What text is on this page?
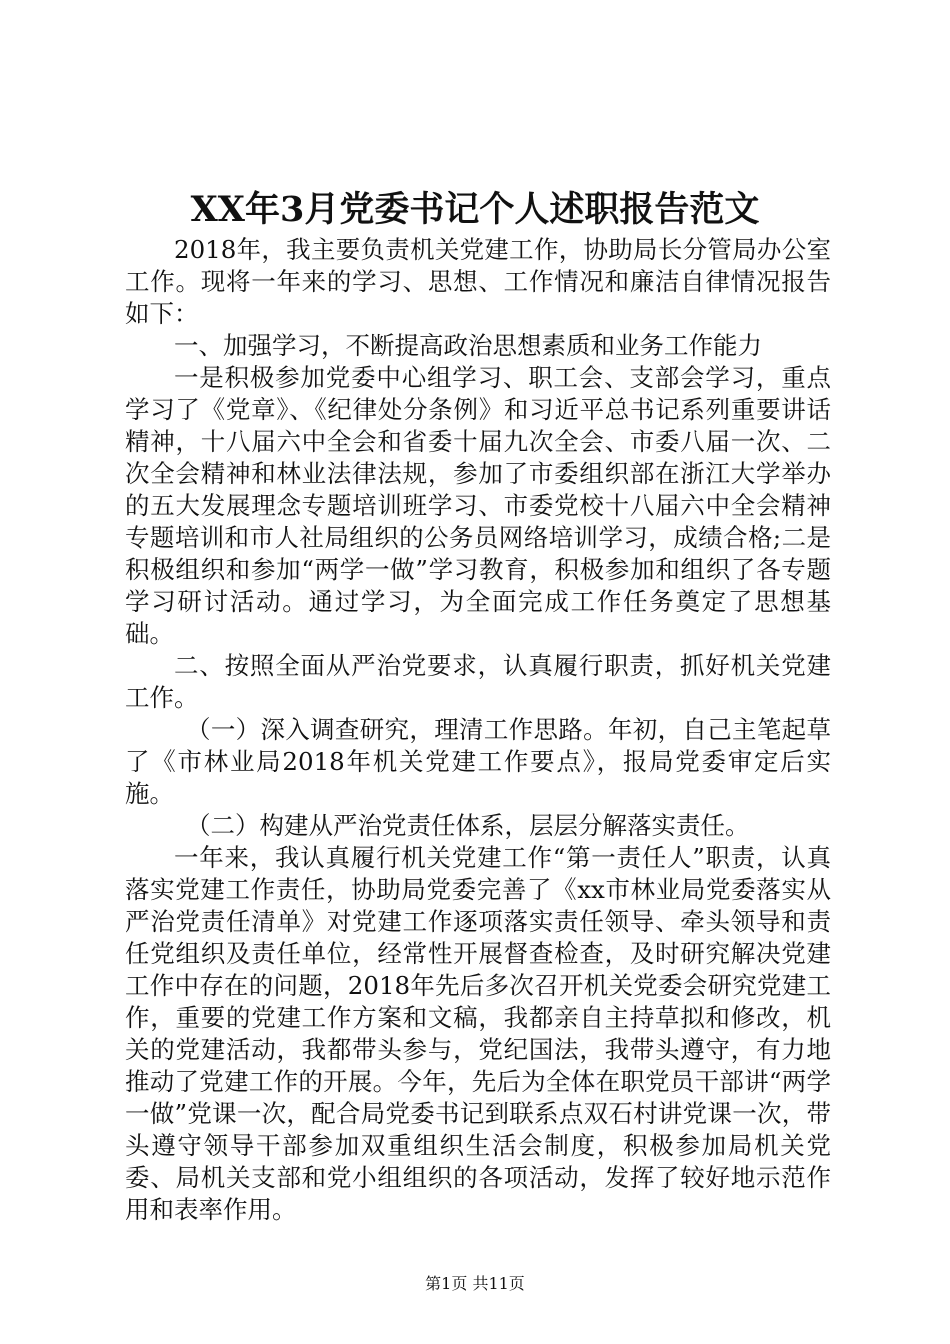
XX年3月党委书记个人述职报告范文

2018年，我主要负责机关党建工作，协助局长分管局办公室工作。现将一年来的学习、思想、工作情况和廉洁自律情况报告如下：

一、加强学习，不断提高政治思想素质和业务工作能力

一是积极参加党委中心组学习、职工会、支部会学习，重点学习了《党章》、《纪律处分条例》和习近平总书记系列重要讲话精神，十八届六中全会和省委十届九次全会、市委八届一次、二次全会精神和林业法律法规，参加了市委组织部在浙江大学举办的五大发展理念专题培训班学习、市委党校十八届六中全会精神专题培训和市人社局组织的公务员网络培训学习，成绩合格;二是积极组织和参加“两学一做”学习教育，积极参加和组织了各专题学习研讨活动。通过学习，为全面完成工作任务奠定了思想基础。

二、按照全面从严治党要求，认真履行职责，抓好机关党建工作。

（一）深入调查研究，理清工作思路。年初，自己主笔起草了《市林业局2018年机关党建工作要点》，报局党委审定后实施。

（二）构建从严治党责任体系，层层分解落实责任。

一年来，我认真履行机关党建工作“第一责任人”职责，认真落实党建工作责任，协助局党委完善了《xx市林业局党委落实从严治党责任清单》对党建工作逐项落实责任领导、牵头领导和责任党组织及责任单位，经常性开展督查检查，及时研究解决党建工作中存在的问题，2018年先后多次召开机关党委会研究党建工作，重要的党建工作方案和文稿，我都亲自主持草拟和修改，机关的党建活动，我都带头参与，党纪国法，我带头遵守，有力地推动了党建工作的开展。今年，先后为全体在职党员干部讲“两学一做”党课一次，配合局党委书记到联系点双石村讲党课一次，带头遵守领导干部参加双重组织生活会制度，积极参加局机关党委、局机关支部和党小组组织的各项活动，发挥了较好地示范作用和表率作用。

第1页 共11页
